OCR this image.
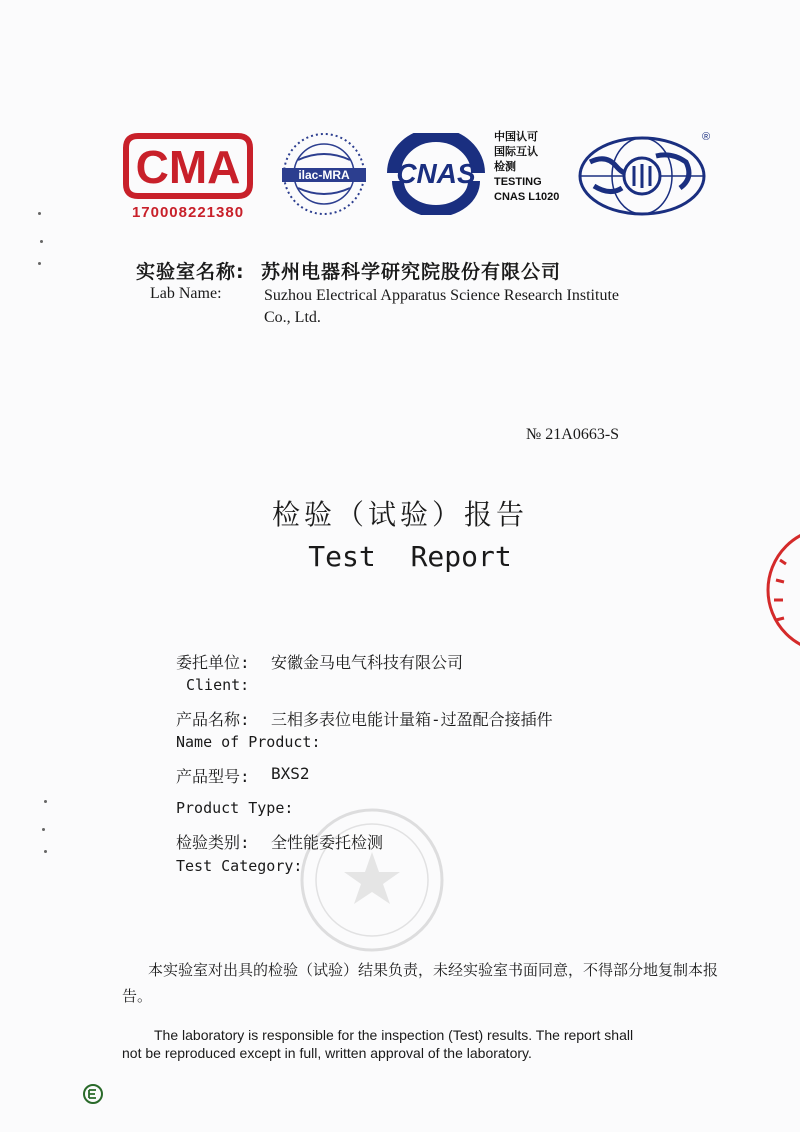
CMA
170008221380
ilac-MRA CNAS
中国认可
国际互认
检测
TESTING
CNAS L1020
®
实验室名称: 苏州电器科学研究院股份有限公司
Lab Name:	Suzhou Electrical Apparatus Science Research Institute Co., Ltd.
№ 21A0663-S
检验（试验）报告
Test Report
委托单位: 安徽金马电气科技有限公司
Client:
产品名称: 三相多表位电能计量箱-过盈配合接插件
Name of Product:
产品型号: BXS2
Product Type:
检验类别: 全性能委托检测
Test Category:
本实验室对出具的检验（试验）结果负责，未经实验室书面同意，不得部分地复制本报告。
The laboratory is responsible for the inspection (Test) results. The report shall
not be reproduced except in full, written approval of the laboratory.
